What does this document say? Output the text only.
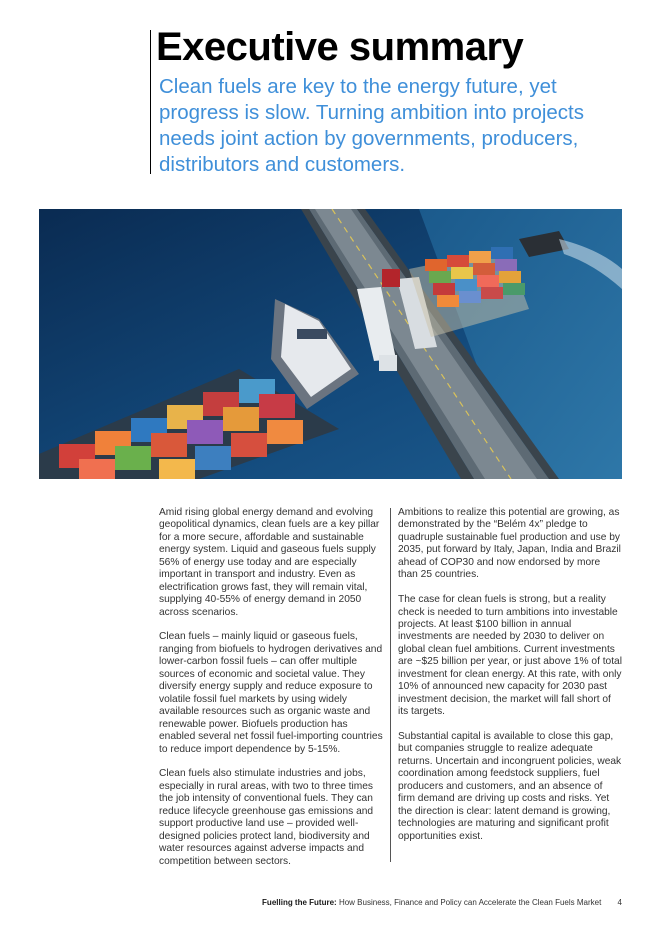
Executive summary

Clean fuels are key to the energy future, yet progress is slow. Turning ambition into projects needs joint action by governments, producers, distributors and customers.

Amid rising global energy demand and evolving geopolitical dynamics, clean fuels are a key pillar for a more secure, affordable and sustainable energy system. Liquid and gaseous fuels supply 56% of energy use today and are especially important in transport and industry. Even as electrification grows fast, they will remain vital, supplying 40-55% of energy demand in 2050 across scenarios.

Clean fuels – mainly liquid or gaseous fuels, ranging from biofuels to hydrogen derivatives and lower-carbon fossil fuels – can offer multiple sources of economic and societal value. They diversify energy supply and reduce exposure to volatile fossil fuel markets by using widely available resources such as organic waste and renewable power. Biofuels production has enabled several net fossil fuel-importing countries to reduce import dependence by 5-15%.

Clean fuels also stimulate industries and jobs, especially in rural areas, with two to three times the job intensity of conventional fuels. They can reduce lifecycle greenhouse gas emissions and support productive land use – provided well-designed policies protect land, biodiversity and water resources against adverse impacts and competition between sectors.

Ambitions to realize this potential are growing, as demonstrated by the “Belém 4x” pledge to quadruple sustainable fuel production and use by 2035, put forward by Italy, Japan, India and Brazil ahead of COP30 and now endorsed by more than 25 countries.

The case for clean fuels is strong, but a reality check is needed to turn ambitions into investable projects. At least $100 billion in annual investments are needed by 2030 to deliver on global clean fuel ambitions. Current investments are ~$25 billion per year, or just above 1% of total investment for clean energy. At this rate, with only 10% of announced new capacity for 2030 past investment decision, the market will fall short of its targets.

Substantial capital is available to close this gap, but companies struggle to realize adequate returns. Uncertain and incongruent policies, weak coordination among feedstock suppliers, fuel producers and customers, and an absence of firm demand are driving up costs and risks. Yet the direction is clear: latent demand is growing, technologies are maturing and significant profit opportunities exist.

Fuelling the Future: How Business, Finance and Policy can Accelerate the Clean Fuels Market 4
